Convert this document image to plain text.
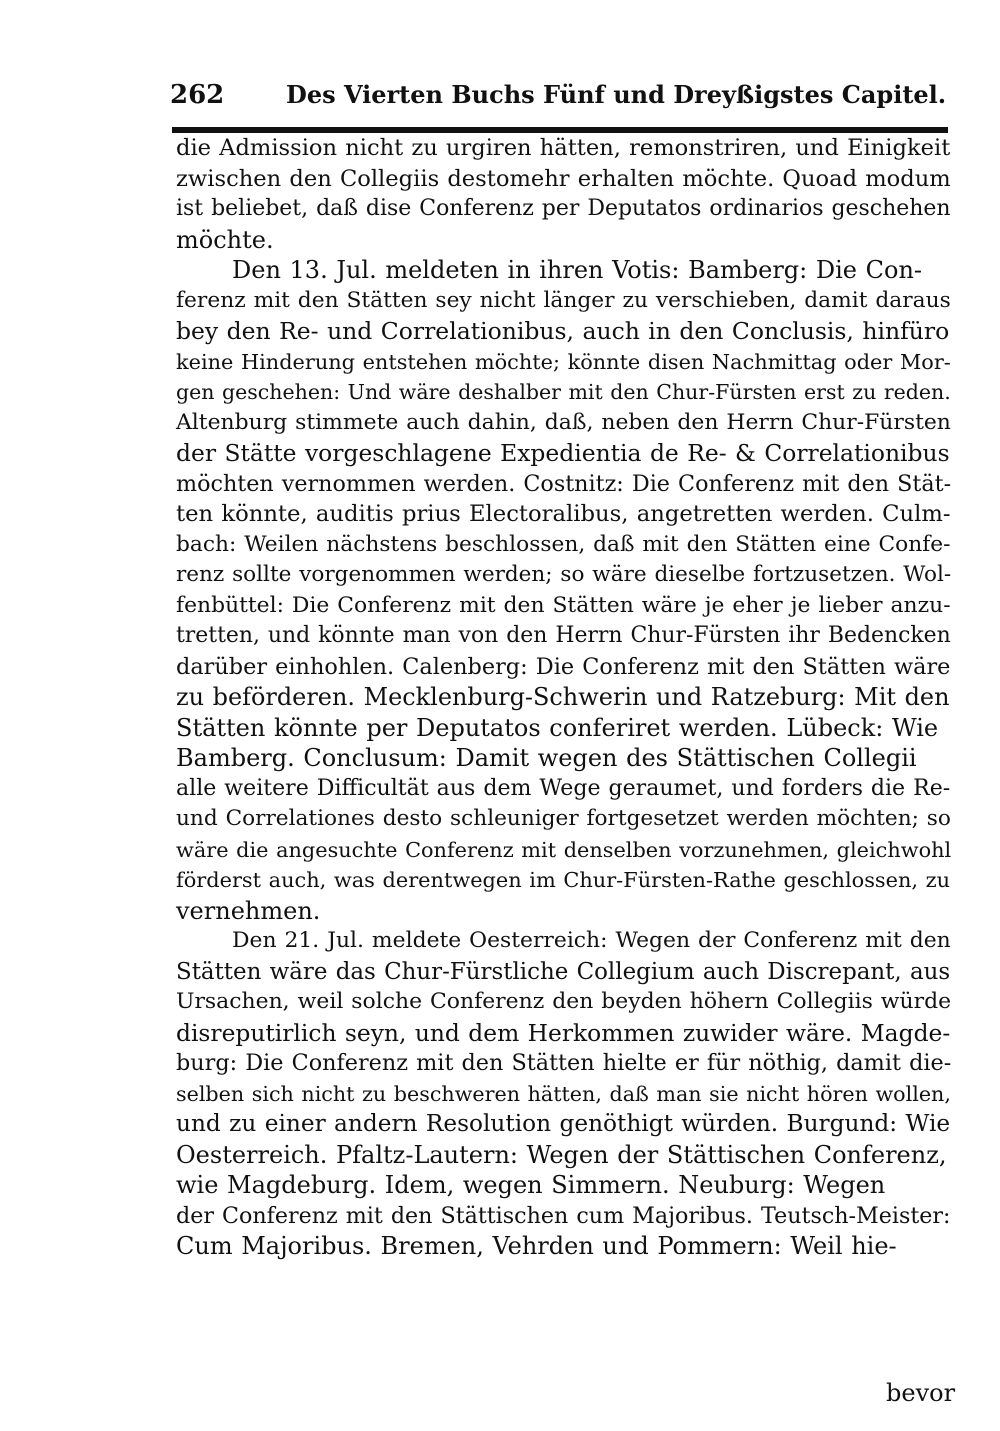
262	Des Vierten Buchs Fünf und Dreyßigstes Capitel.
die Admission nicht zu urgiren hätten, remonstriren, und Einigkeit
zwischen den Collegiis destomehr erhalten möchte. Quoad modum
ist beliebet, daß dise Conferenz per Deputatos ordinarios geschehen
möchte.
Den 13. Jul. meldeten in ihren Votis: Bamberg: Die Con-
ferenz mit den Stätten sey nicht länger zu verschieben, damit daraus
bey den Re- und Correlationibus, auch in den Conclusis, hinfüro
keine Hinderung entstehen möchte; könnte disen Nachmittag oder Mor-
gen geschehen: Und wäre deshalber mit den Chur-Fürsten erst zu reden.
Altenburg stimmete auch dahin, daß, neben den Herrn Chur-Fürsten
der Stätte vorgeschlagene Expedientia de Re- & Correlationibus
möchten vernommen werden. Costnitz: Die Conferenz mit den Stät-
ten könnte, auditis prius Electoralibus, angetretten werden. Culm-
bach: Weilen nächstens beschlossen, daß mit den Stätten eine Confe-
renz sollte vorgenommen werden; so wäre dieselbe fortzusetzen. Wol-
fenbüttel: Die Conferenz mit den Stätten wäre je eher je lieber anzu-
tretten, und könnte man von den Herrn Chur-Fürsten ihr Bedencken
darüber einhohlen. Calenberg: Die Conferenz mit den Stätten wäre
zu beförderen. Mecklenburg-Schwerin und Ratzeburg: Mit den
Stätten könnte per Deputatos conferiret werden. Lübeck: Wie
Bamberg. Conclusum: Damit wegen des Stättischen Collegii
alle weitere Difficultät aus dem Wege geraumet, und forders die Re-
und Correlationes desto schleuniger fortgesetzet werden möchten; so
wäre die angesuchte Conferenz mit denselben vorzunehmen, gleichwohl
förderst auch, was derentwegen im Chur-Fürsten-Rathe geschlossen, zu
vernehmen.
Den 21. Jul. meldete Oesterreich: Wegen der Conferenz mit den
Stätten wäre das Chur-Fürstliche Collegium auch Discrepant, aus
Ursachen, weil solche Conferenz den beyden höhern Collegiis würde
disreputirlich seyn, und dem Herkommen zuwider wäre. Magde-
burg: Die Conferenz mit den Stätten hielte er für nöthig, damit die-
selben sich nicht zu beschweren hätten, daß man sie nicht hören wollen,
und zu einer andern Resolution genöthigt würden. Burgund: Wie
Oesterreich. Pfaltz-Lautern: Wegen der Stättischen Conferenz,
wie Magdeburg. Idem, wegen Simmern. Neuburg: Wegen
der Conferenz mit den Stättischen cum Majoribus. Teutsch-Meister:
Cum Majoribus. Bremen, Vehrden und Pommern: Weil hie-
bevor
